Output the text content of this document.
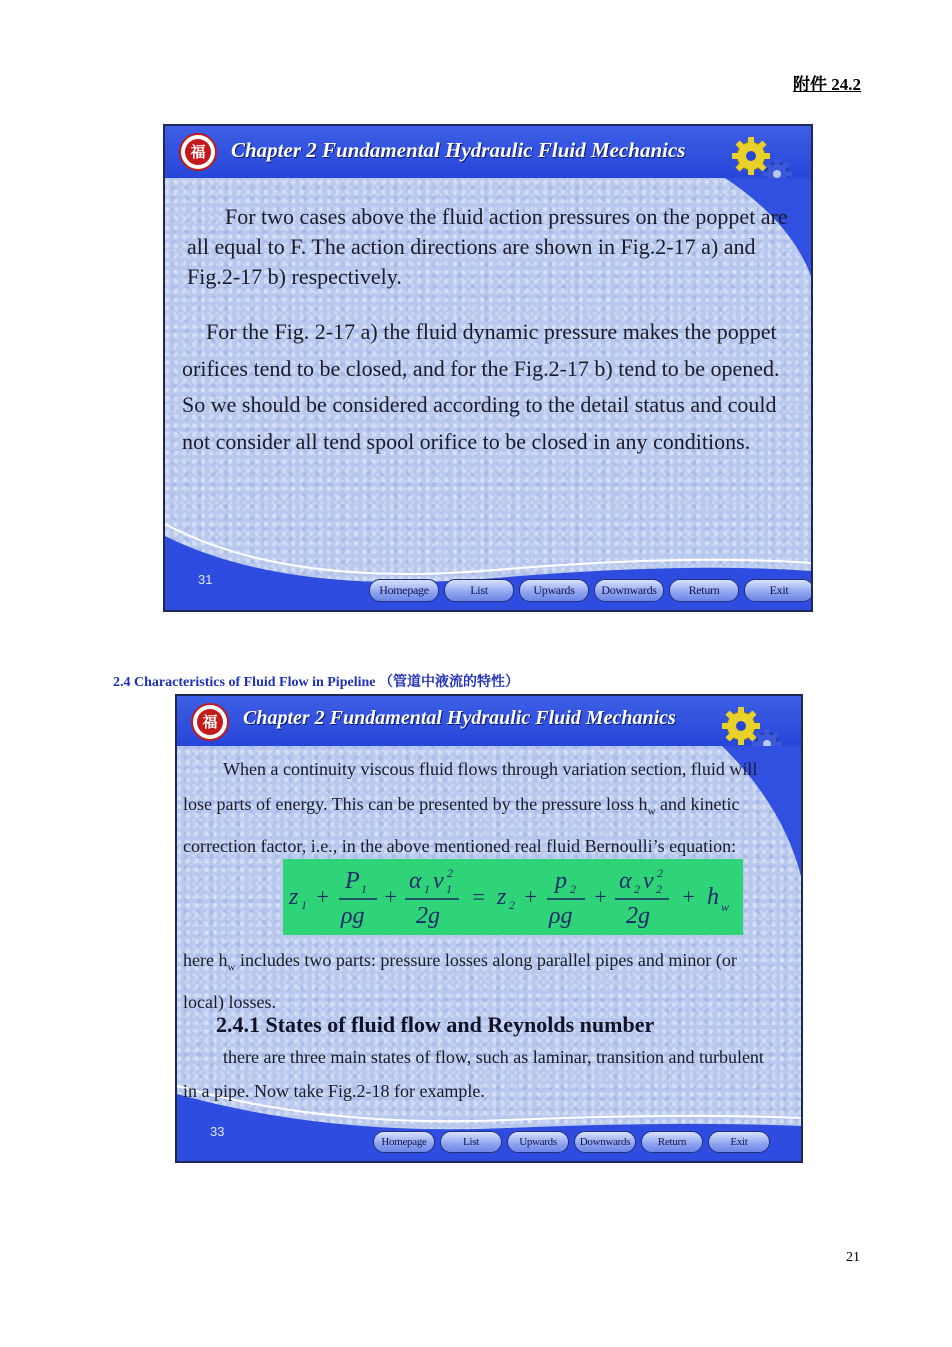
附件 24.2
福 Chapter 2 Fundamental Hydraulic Fluid Mechanics
For two cases above the fluid action pressures on the poppet are all equal to F. The action directions are shown in Fig.2-17 a) and Fig.2-17 b) respectively.
For the Fig. 2-17 a) the fluid dynamic pressure makes the poppet orifices tend to be closed, and for the Fig.2-17 b) tend to be opened. So we should be considered according to the detail status and could not consider all tend spool orifice to be closed in any conditions.
31
Homepage	List	Upwards	Downwards	Return	Exit
2.4 Characteristics of Fluid Flow in Pipeline （管道中液流的特性）
福 Chapter 2 Fundamental Hydraulic Fluid Mechanics
When a continuity viscous fluid flows through variation section, fluid will lose parts of energy. This can be presented by the pressure loss $h_w$ and kinetic correction factor, i.e., in the above mentioned real fluid Bernoulli’s equation:
z 1 +
P 1
ρg
+
α 1 v 2
1
2g
= z 2 +
p 2
ρg
+
α 2 v 2
2
2g
+ h w
here $h_w$ includes two parts: pressure losses along parallel pipes and minor (or local) losses.
2.4.1 States of fluid flow and Reynolds number
there are three main states of flow, such as laminar, transition and turbulent in a pipe. Now take Fig.2-18 for example.
33
Homepage	List	Upwards	Downwards	Return	Exit
21
